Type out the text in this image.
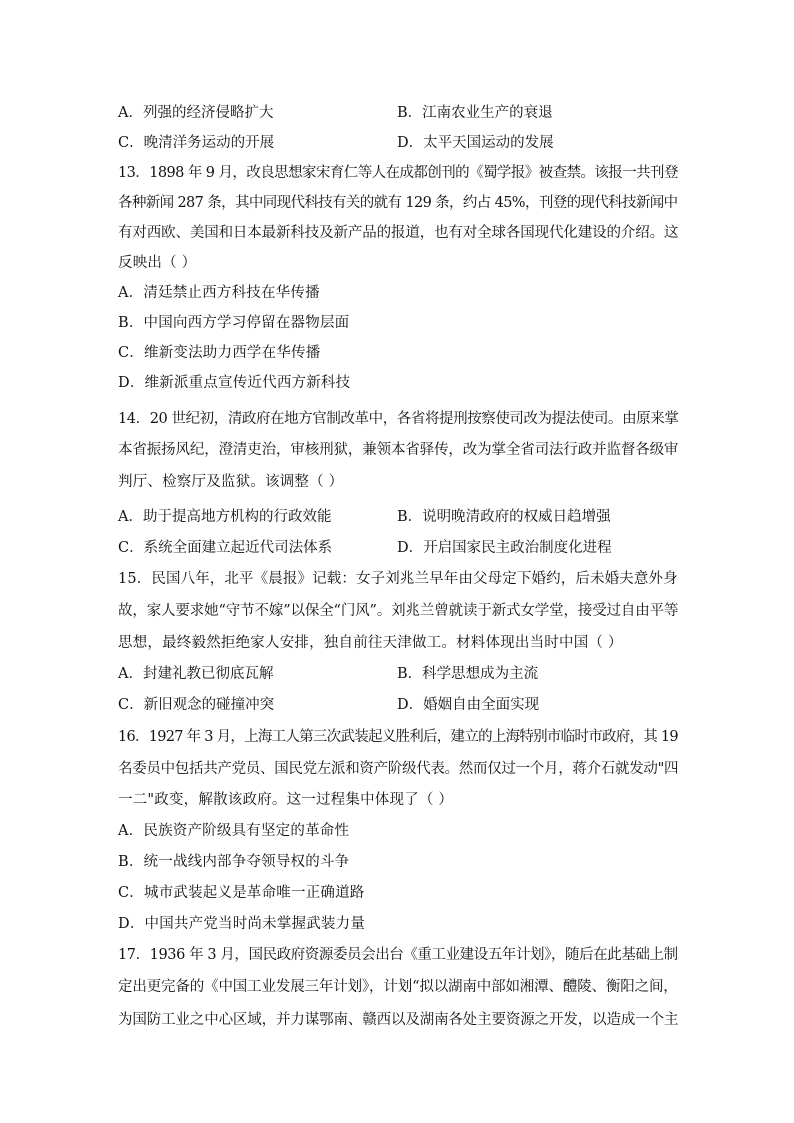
A．列强的经济侵略扩大	B．江南农业生产的衰退
C．晚清洋务运动的开展	D．太平天国运动的发展
13．1898 年 9 月，改良思想家宋育仁等人在成都创刊的《蜀学报》被查禁。该报一共刊登
各种新闻 287 条，其中同现代科技有关的就有 129 条，约占 45%，刊登的现代科技新闻中
有对西欧、美国和日本最新科技及新产品的报道，也有对全球各国现代化建设的介绍。这
反映出（ ）
A．清廷禁止西方科技在华传播
B．中国向西方学习停留在器物层面
C．维新变法助力西学在华传播
D．维新派重点宣传近代西方新科技
14．20 世纪初，清政府在地方官制改革中，各省将提刑按察使司改为提法使司。由原来掌
本省振扬风纪，澄清吏治，审核刑狱，兼领本省驿传，改为掌全省司法行政并监督各级审
判厅、检察厅及监狱。该调整（ ）
A．助于提高地方机构的行政效能	B．说明晚清政府的权威日趋增强
C．系统全面建立起近代司法体系	D．开启国家民主政治制度化进程
15．民国八年，北平《晨报》记载：女子刘兆兰早年由父母定下婚约，后未婚夫意外身
故，家人要求她“守节不嫁”以保全“门风”。刘兆兰曾就读于新式女学堂，接受过自由平等
思想，最终毅然拒绝家人安排，独自前往天津做工。材料体现出当时中国（ ）
A．封建礼教已彻底瓦解	B．科学思想成为主流
C．新旧观念的碰撞冲突	D．婚姻自由全面实现
16．1927 年 3 月，上海工人第三次武装起义胜利后，建立的上海特别市临时市政府，其 19
名委员中包括共产党员、国民党左派和资产阶级代表。然而仅过一个月，蒋介石就发动"四
一二"政变，解散该政府。这一过程集中体现了（ ）
A．民族资产阶级具有坚定的革命性
B．统一战线内部争夺领导权的斗争
C．城市武装起义是革命唯一正确道路
D．中国共产党当时尚未掌握武装力量
17．1936 年 3 月，国民政府资源委员会出台《重工业建设五年计划》，随后在此基础上制
定出更完备的《中国工业发展三年计划》，计划“拟以湖南中部如湘潭、醴陵、衡阳之间，
为国防工业之中心区域，并力谋鄂南、赣西以及湖南各处主要资源之开发，以造成一个主
